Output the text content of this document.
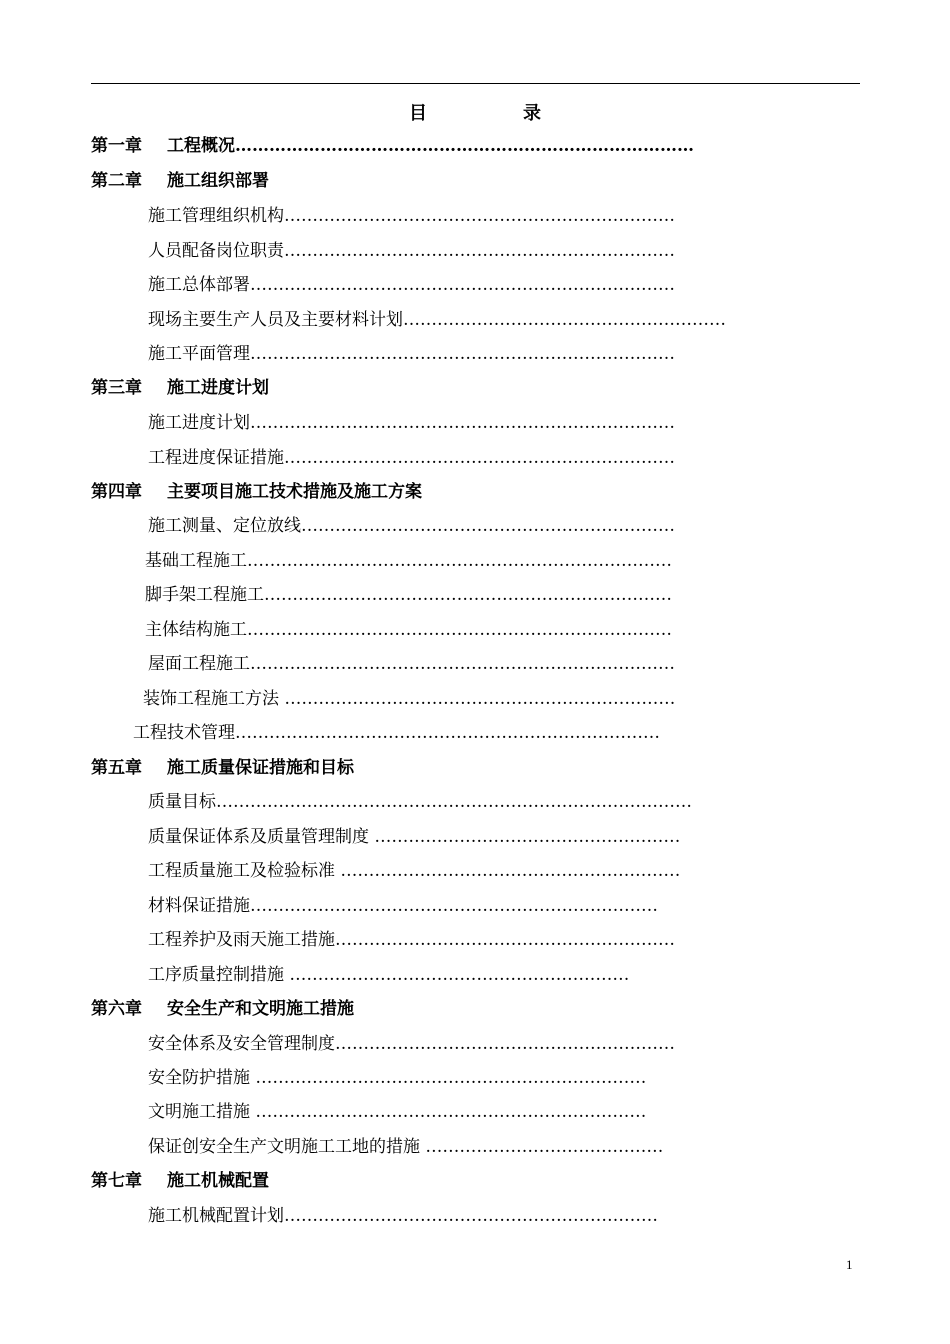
目	录
第一章 工程概况………………………………………………………………………
第二章 施工组织部署
施工管理组织机构……………………………………………………………
人员配备岗位职责……………………………………………………………
施工总体部署…………………………………………………………………
现场主要生产人员及主要材料计划…………………………………………………
施工平面管理…………………………………………………………………
第三章 施工进度计划
施工进度计划…………………………………………………………………
工程进度保证措施……………………………………………………………
第四章 主要项目施工技术措施及施工方案
施工测量、定位放线…………………………………………………………
基础工程施工…………………………………………………………………
脚手架工程施工………………………………………………………………
主体结构施工…………………………………………………………………
屋面工程施工…………………………………………………………………
装饰工程施工方法 ……………………………………………………………
工程技术管理…………………………………………………………………
第五章 施工质量保证措施和目标
质量目标…………………………………………………………………………
质量保证体系及质量管理制度 ………………………………………………
工程质量施工及检验标准 ……………………………………………………
材料保证措施………………………………………………………………
工程养护及雨天施工措施……………………………………………………
工序质量控制措施 ……………………………………………………
第六章 安全生产和文明施工措施
安全体系及安全管理制度……………………………………………………
安全防护措施 ……………………………………………………………
文明施工措施 ……………………………………………………………
保证创安全生产文明施工工地的措施 ……………………………………
第七章 施工机械配置
施工机械配置计划…………………………………………………………
1
